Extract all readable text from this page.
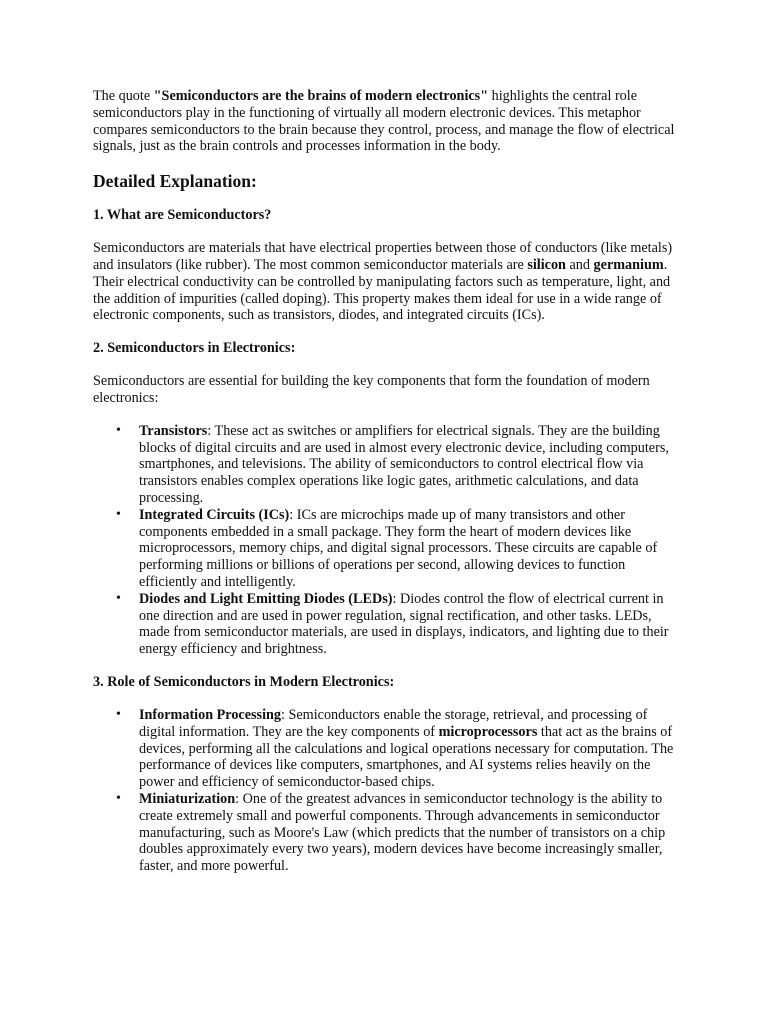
The quote "Semiconductors are the brains of modern electronics" highlights the central role semiconductors play in the functioning of virtually all modern electronic devices. This metaphor compares semiconductors to the brain because they control, process, and manage the flow of electrical signals, just as the brain controls and processes information in the body.

Detailed Explanation:
1. What are Semiconductors?

Semiconductors are materials that have electrical properties between those of conductors (like metals) and insulators (like rubber). The most common semiconductor materials are silicon and germanium. Their electrical conductivity can be controlled by manipulating factors such as temperature, light, and the addition of impurities (called doping). This property makes them ideal for use in a wide range of electronic components, such as transistors, diodes, and integrated circuits (ICs).

2. Semiconductors in Electronics:

Semiconductors are essential for building the key components that form the foundation of modern electronics:

• Transistors: These act as switches or amplifiers for electrical signals. They are the building blocks of digital circuits and are used in almost every electronic device, including computers, smartphones, and televisions. The ability of semiconductors to control electrical flow via transistors enables complex operations like logic gates, arithmetic calculations, and data processing.
• Integrated Circuits (ICs): ICs are microchips made up of many transistors and other components embedded in a small package. They form the heart of modern devices like microprocessors, memory chips, and digital signal processors. These circuits are capable of performing millions or billions of operations per second, allowing devices to function efficiently and intelligently.
• Diodes and Light Emitting Diodes (LEDs): Diodes control the flow of electrical current in one direction and are used in power regulation, signal rectification, and other tasks. LEDs, made from semiconductor materials, are used in displays, indicators, and lighting due to their energy efficiency and brightness.
3. Role of Semiconductors in Modern Electronics:
• Information Processing: Semiconductors enable the storage, retrieval, and processing of digital information. They are the key components of microprocessors that act as the brains of devices, performing all the calculations and logical operations necessary for computation. The performance of devices like computers, smartphones, and AI systems relies heavily on the power and efficiency of semiconductor-based chips.
• Miniaturization: One of the greatest advances in semiconductor technology is the ability to create extremely small and powerful components. Through advancements in semiconductor manufacturing, such as Moore's Law (which predicts that the number of transistors on a chip doubles approximately every two years), modern devices have become increasingly smaller, faster, and more powerful.
